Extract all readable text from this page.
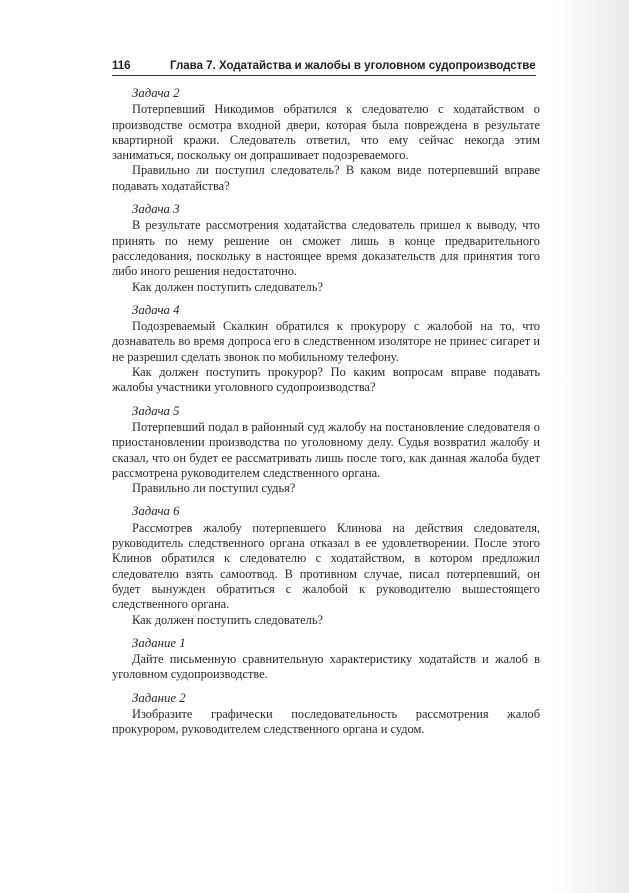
116	Глава 7. Ходатайства и жалобы в уголовном судопроизводстве

Задача 2

Потерпевший Никодимов обратился к следователю с ходатайством о производстве осмотра входной двери, которая была повреждена в результате квартирной кражи. Следователь ответил, что ему сейчас некогда этим заниматься, поскольку он допрашивает подозреваемого.

Правильно ли поступил следователь? В каком виде потерпевший вправе подавать ходатайства?

Задача 3

В результате рассмотрения ходатайства следователь пришел к выводу, что принять по нему решение он сможет лишь в конце предварительного расследования, поскольку в настоящее время доказательств для принятия того либо иного решения недостаточно.

Как должен поступить следователь?

Задача 4

Подозреваемый Скалкин обратился к прокурору с жалобой на то, что дознаватель во время допроса его в следственном изоляторе не принес сигарет и не разрешил сделать звонок по мобильному телефону.

Как должен поступить прокурор? По каким вопросам вправе подавать жалобы участники уголовного судопроизводства?

Задача 5

Потерпевший подал в районный суд жалобу на постановление следователя о приостановлении производства по уголовному делу. Судья возвратил жалобу и сказал, что он будет ее рассматривать лишь после того, как данная жалоба будет рассмотрена руководителем следственного органа.

Правильно ли поступил судья?

Задача 6

Рассмотрев жалобу потерпевшего Клинова на действия следователя, руководитель следственного органа отказал в ее удовлетворении. После этого Клинов обратился к следователю с ходатайством, в котором предложил следователю взять самоотвод. В противном случае, писал потерпевший, он будет вынужден обратиться с жалобой к руководителю вышестоящего следственного органа.

Как должен поступить следователь?

Задание 1

Дайте письменную сравнительную характеристику ходатайств и жалоб в уголовном судопроизводстве.

Задание 2

Изобразите графически последовательность рассмотрения жалоб прокурором, руководителем следственного органа и судом.
